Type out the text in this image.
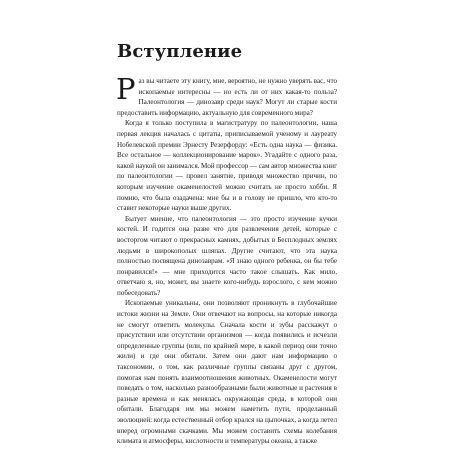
Вступление

Раз вы читаете эту книгу, мне, вероятно, не нужно уверять вас, что ископаемые интересны — но есть ли от них какая-то польза? Палеонтология — динозавр среди наук? Могут ли старые кости предоставить информацию, актуальную для современного мира?

Когда я только поступила в магистратуру по палеонтологии, наша первая лекция началась с цитаты, приписываемой ученому и лауреату Нобелевской премии Эрнесту Резерфорду: «Есть одна наука — физика. Все остальное — коллекционирование марок». Угадайте с одного раза, какой наукой он занимался. Мой профессор — сам автор множества книг по палеонтологии — провел занятие, приводя множество причин, по которым изучение окаменелостей можно считать не просто хобби. Я помню, что была озадачена: мне бы и в голову не пришло, что кто-то ставит некоторые науки выше других.

Бытует мнение, что палеонтология — это просто изучение кучки костей. И годится она разве что для развлечения детей, которые с восторгом читают о прекрасных камнях, добытых в Бесплодных землях людьми в широкополых шляпах. Другие считают, что эта наука полностью посвящена динозаврам. «Я знаю одного ребенка, он бы тебе понравился!» — мне приходится часто такое слышать. Как мило, ответчаю я, но, может, вы знаете кого-нибудь взрослого, с кем можно побеседовать?

Ископаемые уникальны, они позволяют проникнуть в глубочайшие истоки жизни на Земле. Они отвечают на вопросы, на которые никогда не смогут ответить молекулы. Сначала кости и зубы расскажут о присутствии или отсутствии организмов — когда появились и исчезли определенные группы (или, по крайней мере, в какой период они точно жили) и где они обитали. Затем они дают нам информацию о таксономии, о том, как различные группы связаны друг с другом, помогая нам понять взаимоотношения животных. Окаменелости могут поведать о том, насколько разнообразными были животные и растения в разные времена и как менялась окружающая среда, в которой они обитали. Благодаря им мы можем наметить пути, проделанный эволюцией: когда естественный отбор крался на цыпочках, а когда летел вперед огромными скачками. Мы можем составить схемы колебания климата и атмосферы, кислотности и температуры океана, а также
